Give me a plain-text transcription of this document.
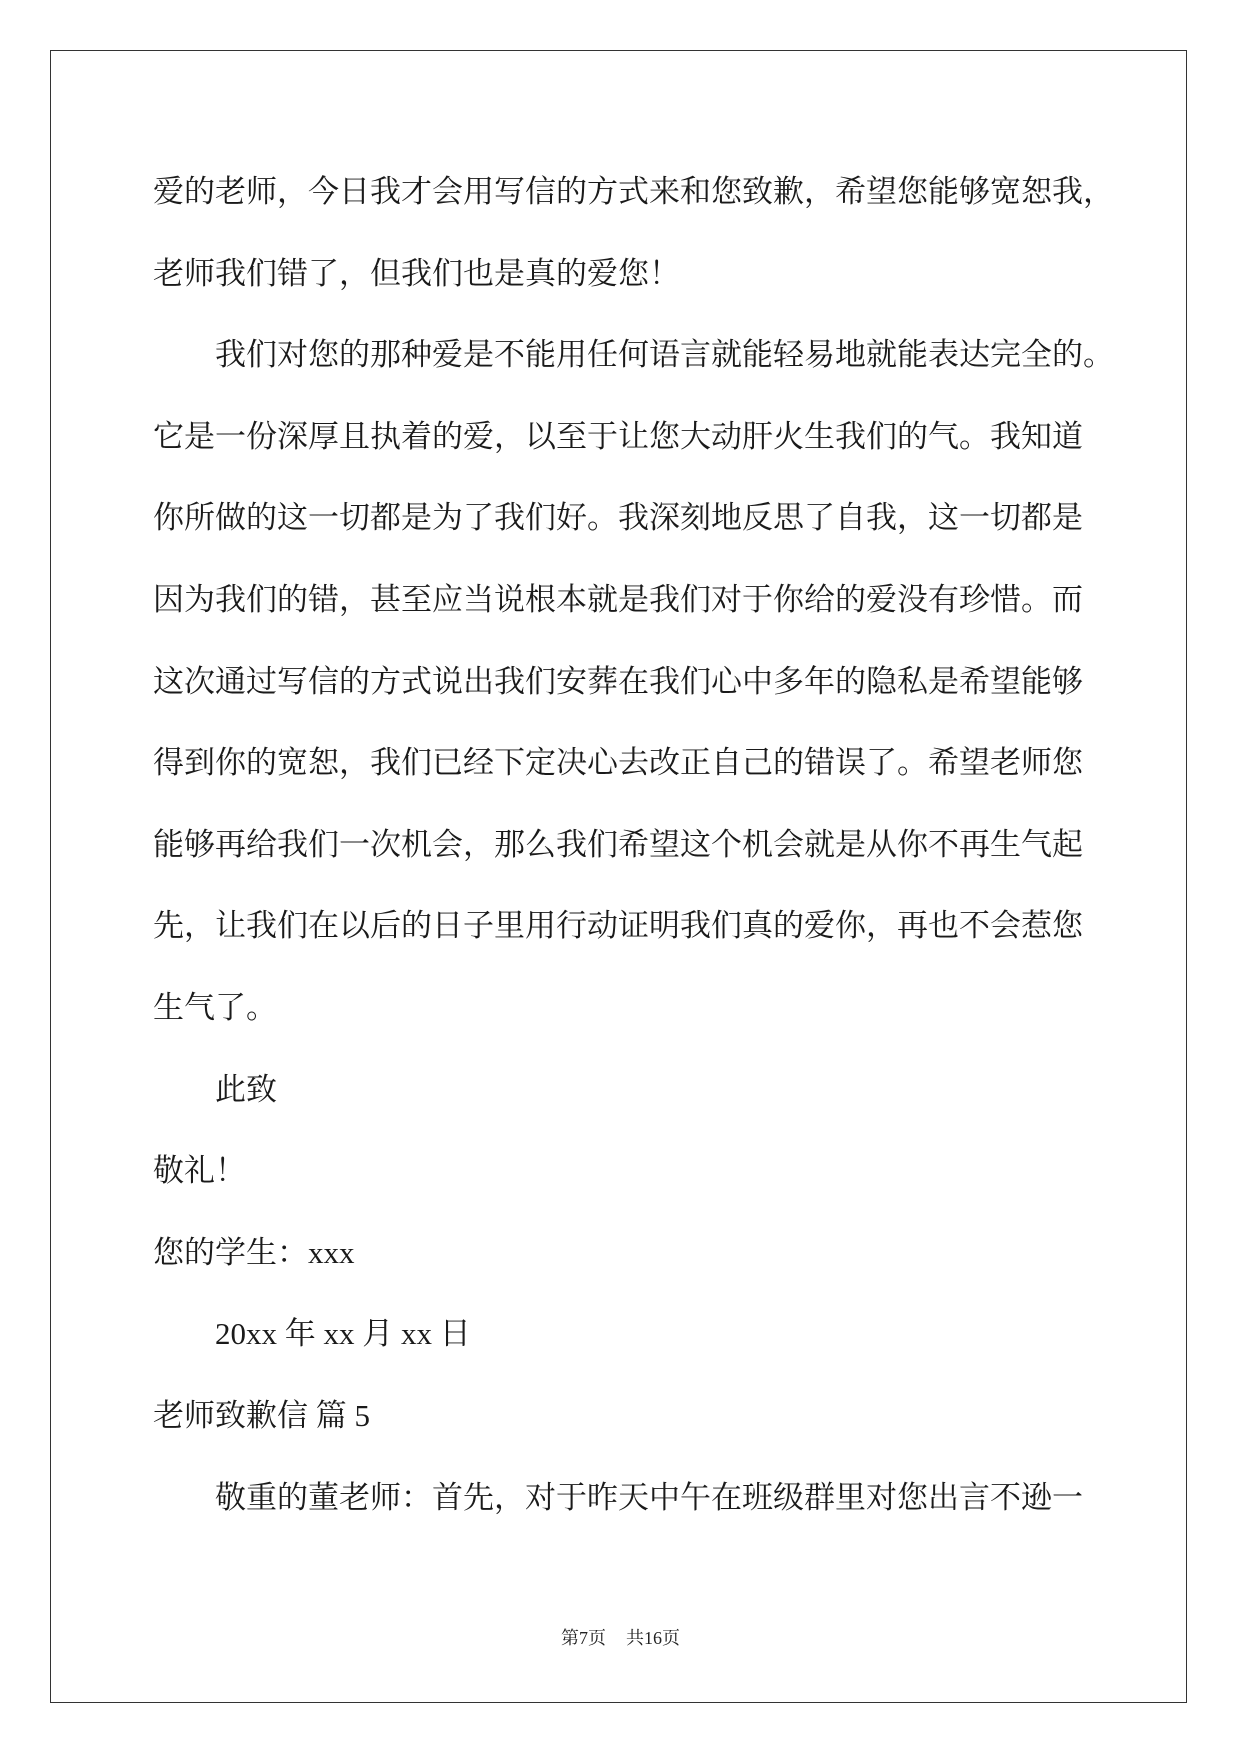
爱的老师，今日我才会用写信的方式来和您致歉，希望您能够宽恕我，
老师我们错了，但我们也是真的爱您！
我们对您的那种爱是不能用任何语言就能轻易地就能表达完全的。
它是一份深厚且执着的爱，以至于让您大动肝火生我们的气。我知道
你所做的这一切都是为了我们好。我深刻地反思了自我，这一切都是
因为我们的错，甚至应当说根本就是我们对于你给的爱没有珍惜。而
这次通过写信的方式说出我们安葬在我们心中多年的隐私是希望能够
得到你的宽恕，我们已经下定决心去改正自己的错误了。希望老师您
能够再给我们一次机会，那么我们希望这个机会就是从你不再生气起
先，让我们在以后的日子里用行动证明我们真的爱你，再也不会惹您
生气了。
此致
敬礼！
您的学生：xxx
20xx 年 xx 月 xx 日
老师致歉信 篇 5
敬重的董老师：首先，对于昨天中午在班级群里对您出言不逊一
第7页 共16页
